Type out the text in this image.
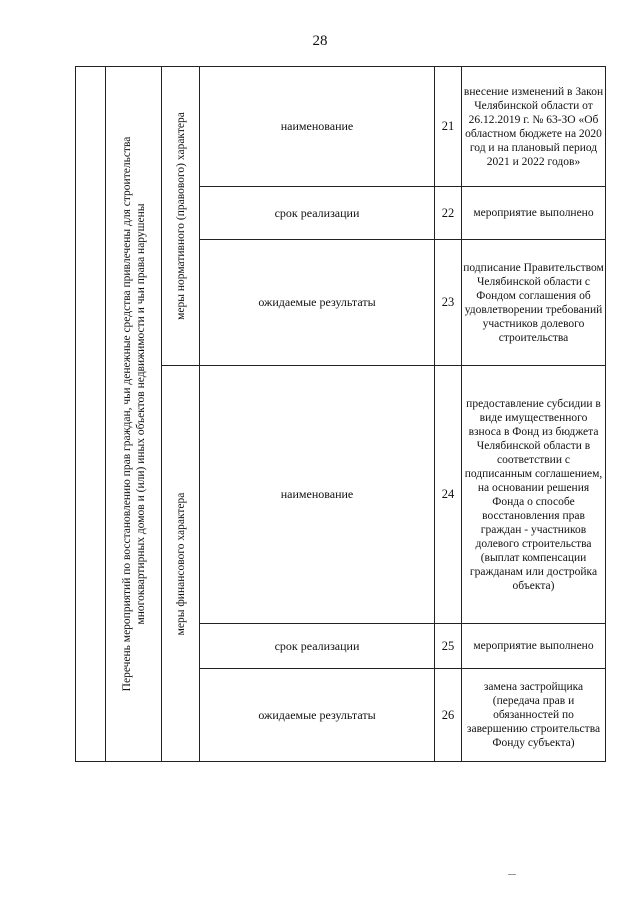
28

	Перечень мероприятий по восстановлению прав граждан, чьи денежные средства привлечены для строительства многоквартирных домов и (или) иных объектов недвижимости и чьи права нарушены	меры нормативного (правового) характера	наименование	21	внесение изменений в Закон Челябинской области от 26.12.2019 г. № 63-ЗО «Об областном бюджете на 2020 год и на плановый период 2021 и 2022 годов»
			срок реализации	22	мероприятие выполнено
			ожидаемые результаты	23	подписание Правительством Челябинской области с Фондом соглашения об удовлетворении требований участников долевого строительства

		меры финансового характера	наименование	24	предоставление субсидии в виде имущественного взноса в Фонд из бюджета Челябинской области в соответствии с подписанным соглашением, на основании решения Фонда о способе восстановления прав граждан - участников долевого строительства (выплат компенсации гражданам или достройка объекта)
			срок реализации	25	мероприятие выполнено
			ожидаемые результаты	26	замена застройщика (передача прав и обязанностей по завершению строительства Фонду субъекта)
